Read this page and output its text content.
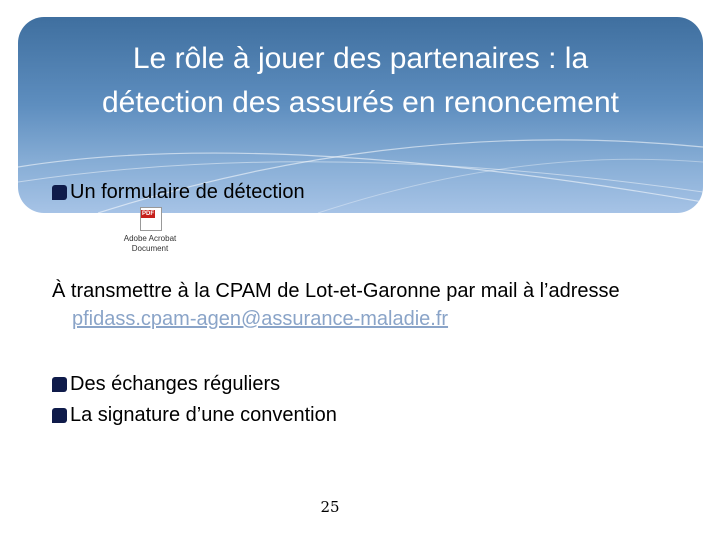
Le rôle à jouer des partenaires : la
détection des assurés en renoncement
Un formulaire de détection
PDF
Adobe Acrobat
Document
À transmettre à la CPAM de Lot-et-Garonne par mail à l’adresse
pfidass.cpam-agen@assurance-maladie.fr
Des échanges réguliers
La signature d’une convention
25
